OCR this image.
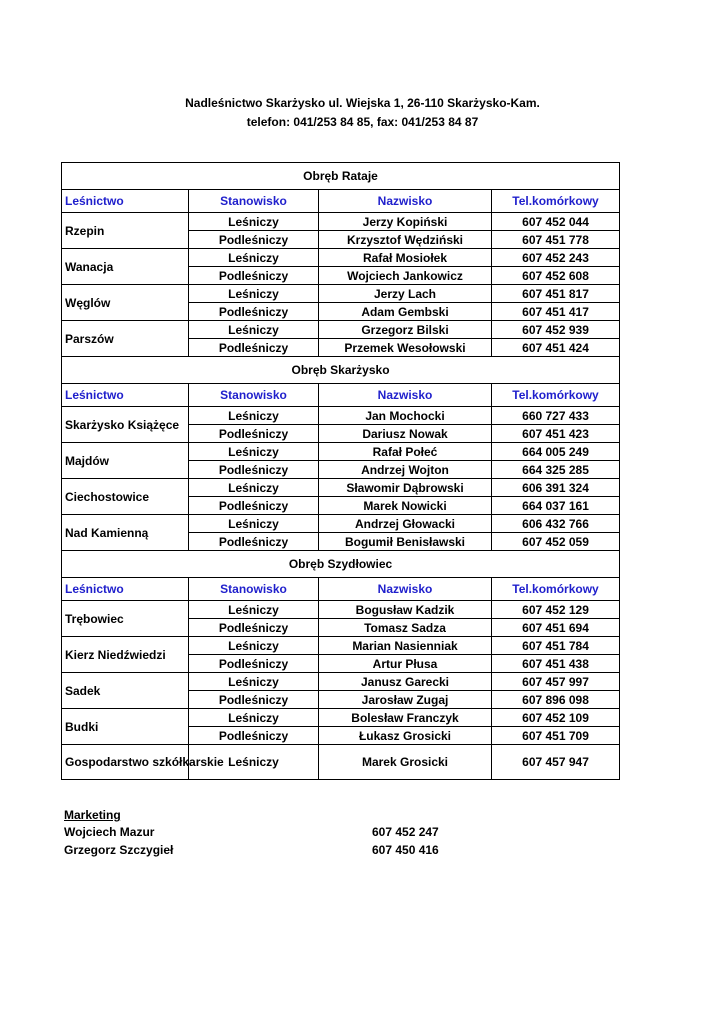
Nadleśnictwo Skarżysko ul. Wiejska 1, 26-110 Skarżysko-Kam.
telefon: 041/253 84 85, fax: 041/253 84 87
Obręb Rataje			
Leśnictwo	Stanowisko	Nazwisko	Tel.komórkowy
Rzepin	Leśniczy	Jerzy Kopiński	607 452 044
	Podleśniczy	Krzysztof Wędziński	607 451 778
Wanacja	Leśniczy	Rafał Mosiołek	607 452 243
	Podleśniczy	Wojciech Jankowicz	607 452 608
Węglów	Leśniczy	Jerzy Lach	607 451 817
	Podleśniczy	Adam Gembski	607 451 417
Parszów	Leśniczy	Grzegorz Bilski	607 452 939
	Podleśniczy	Przemek Wesołowski	607 451 424
Obręb Skarżysko			
Leśnictwo	Stanowisko	Nazwisko	Tel.komórkowy
Skarżysko Książęce	Leśniczy	Jan Mochocki	660 727 433
	Podleśniczy	Dariusz Nowak	607 451 423
Majdów	Leśniczy	Rafał Połeć	664 005 249
	Podleśniczy	Andrzej Wojton	664 325 285
Ciechostowice	Leśniczy	Sławomir Dąbrowski	606 391 324
	Podleśniczy	Marek Nowicki	664 037 161
Nad Kamienną	Leśniczy	Andrzej Głowacki	606 432 766
	Podleśniczy	Bogumił Benisławski	607 452 059
Obręb Szydłowiec			
Leśnictwo	Stanowisko	Nazwisko	Tel.komórkowy
Trębowiec	Leśniczy	Bogusław Kadzik	607 452 129
	Podleśniczy	Tomasz Sadza	607 451 694
Kierz Niedźwiedzi	Leśniczy	Marian Nasienniak	607 451 784
	Podleśniczy	Artur Płusa	607 451 438
Sadek	Leśniczy	Janusz Garecki	607 457 997
	Podleśniczy	Jarosław Zugaj	607 896 098
Budki	Leśniczy	Bolesław Franczyk	607 452 109
	Podleśniczy	Łukasz Grosicki	607 451 709
Gospodarstwo szkółkarskie	Leśniczy	Marek Grosicki	607 457 947
Marketing
Wojciech Mazur	607 452 247
Grzegorz Szczygieł	607 450 416
